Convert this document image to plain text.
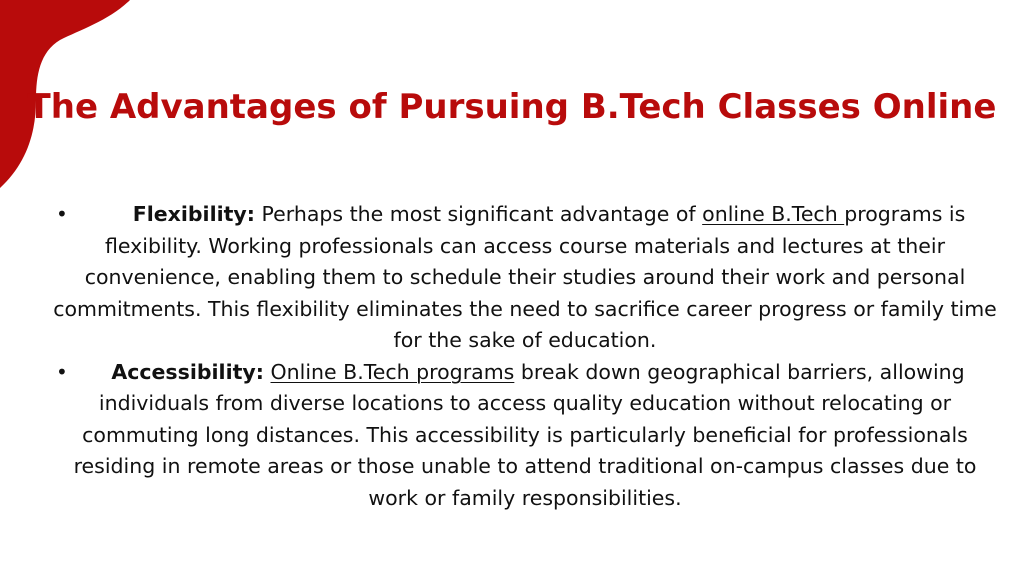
The Advantages of Pursuing B.Tech Classes Online

•	Flexibility: Perhaps the most significant advantage of online B.Tech programs is flexibility. Working professionals can access course materials and lectures at their convenience, enabling them to schedule their studies around their work and personal commitments. This flexibility eliminates the need to sacrifice career progress or family time for the sake of education.

• Accessibility: Online B.Tech programs break down geographical barriers, allowing individuals from diverse locations to access quality education without relocating or commuting long distances. This accessibility is particularly beneficial for professionals residing in remote areas or those unable to attend traditional on-campus classes due to work or family responsibilities.
